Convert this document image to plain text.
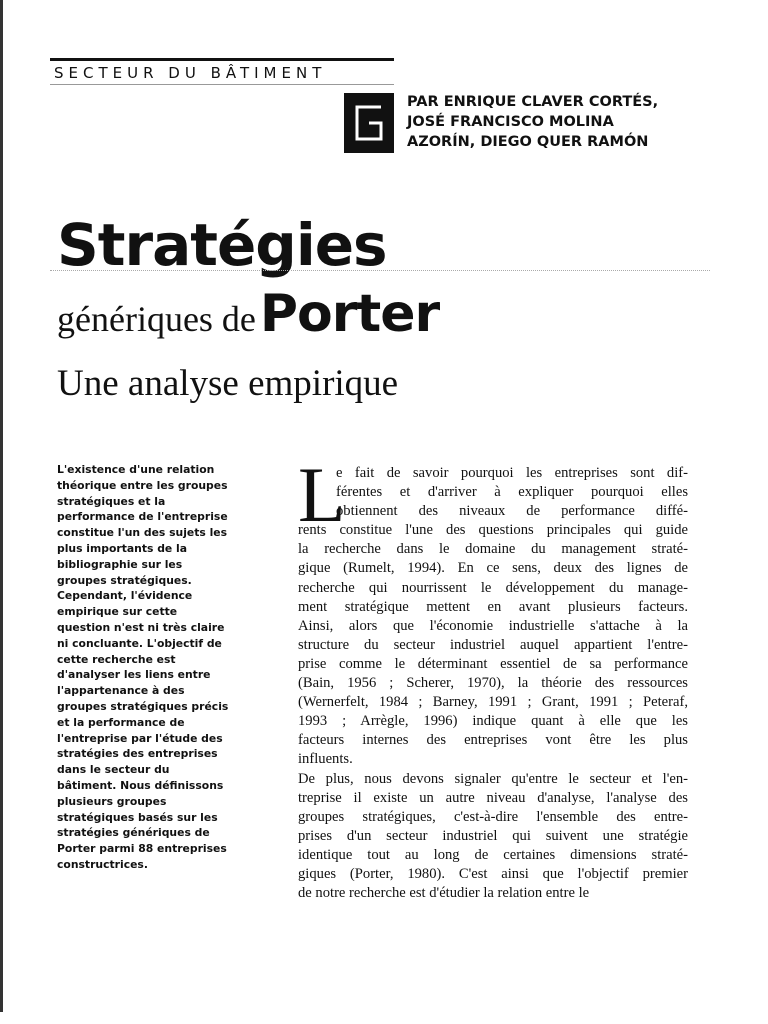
SECTEUR DU BÂTIMENT
PAR ENRIQUE CLAVER CORTÉS,
JOSÉ FRANCISCO MOLINA
AZORÍN, DIEGO QUER RAMÓN
Stratégies
génériques de Porter
Une analyse empirique
L'existence d'une relation
théorique entre les groupes
stratégiques et la
performance de l'entreprise
constitue l'un des sujets les
plus importants de la
bibliographie sur les
groupes stratégiques.
Cependant, l'évidence
empirique sur cette
question n'est ni très claire
ni concluante. L'objectif de
cette recherche est
d'analyser les liens entre
l'appartenance à des
groupes stratégiques précis
et la performance de
l'entreprise par l'étude des
stratégies des entreprises
dans le secteur du
bâtiment. Nous définissons
plusieurs groupes
stratégiques basés sur les
stratégies génériques de
Porter parmi 88 entreprises
constructrices.
L
e fait de savoir pourquoi les entreprises sont dif-
férentes et d'arriver à expliquer pourquoi elles
obtiennent des niveaux de performance diffé-
rents constitue l'une des questions principales qui guide
la recherche dans le domaine du management straté-
gique (Rumelt, 1994). En ce sens, deux des lignes de
recherche qui nourrissent le développement du manage-
ment stratégique mettent en avant plusieurs facteurs.
Ainsi, alors que l'économie industrielle s'attache à la
structure du secteur industriel auquel appartient l'entre-
prise comme le déterminant essentiel de sa performance
(Bain, 1956 ; Scherer, 1970), la théorie des ressources
(Wernerfelt, 1984 ; Barney, 1991 ; Grant, 1991 ; Peteraf,
1993 ; Arrègle, 1996) indique quant à elle que les
facteurs internes des entreprises vont être les plus
influents.
De plus, nous devons signaler qu'entre le secteur et l'en-
treprise il existe un autre niveau d'analyse, l'analyse des
groupes stratégiques, c'est-à-dire l'ensemble des entre-
prises d'un secteur industriel qui suivent une stratégie
identique tout au long de certaines dimensions straté-
giques (Porter, 1980). C'est ainsi que l'objectif premier
de notre recherche est d'étudier la relation entre le
